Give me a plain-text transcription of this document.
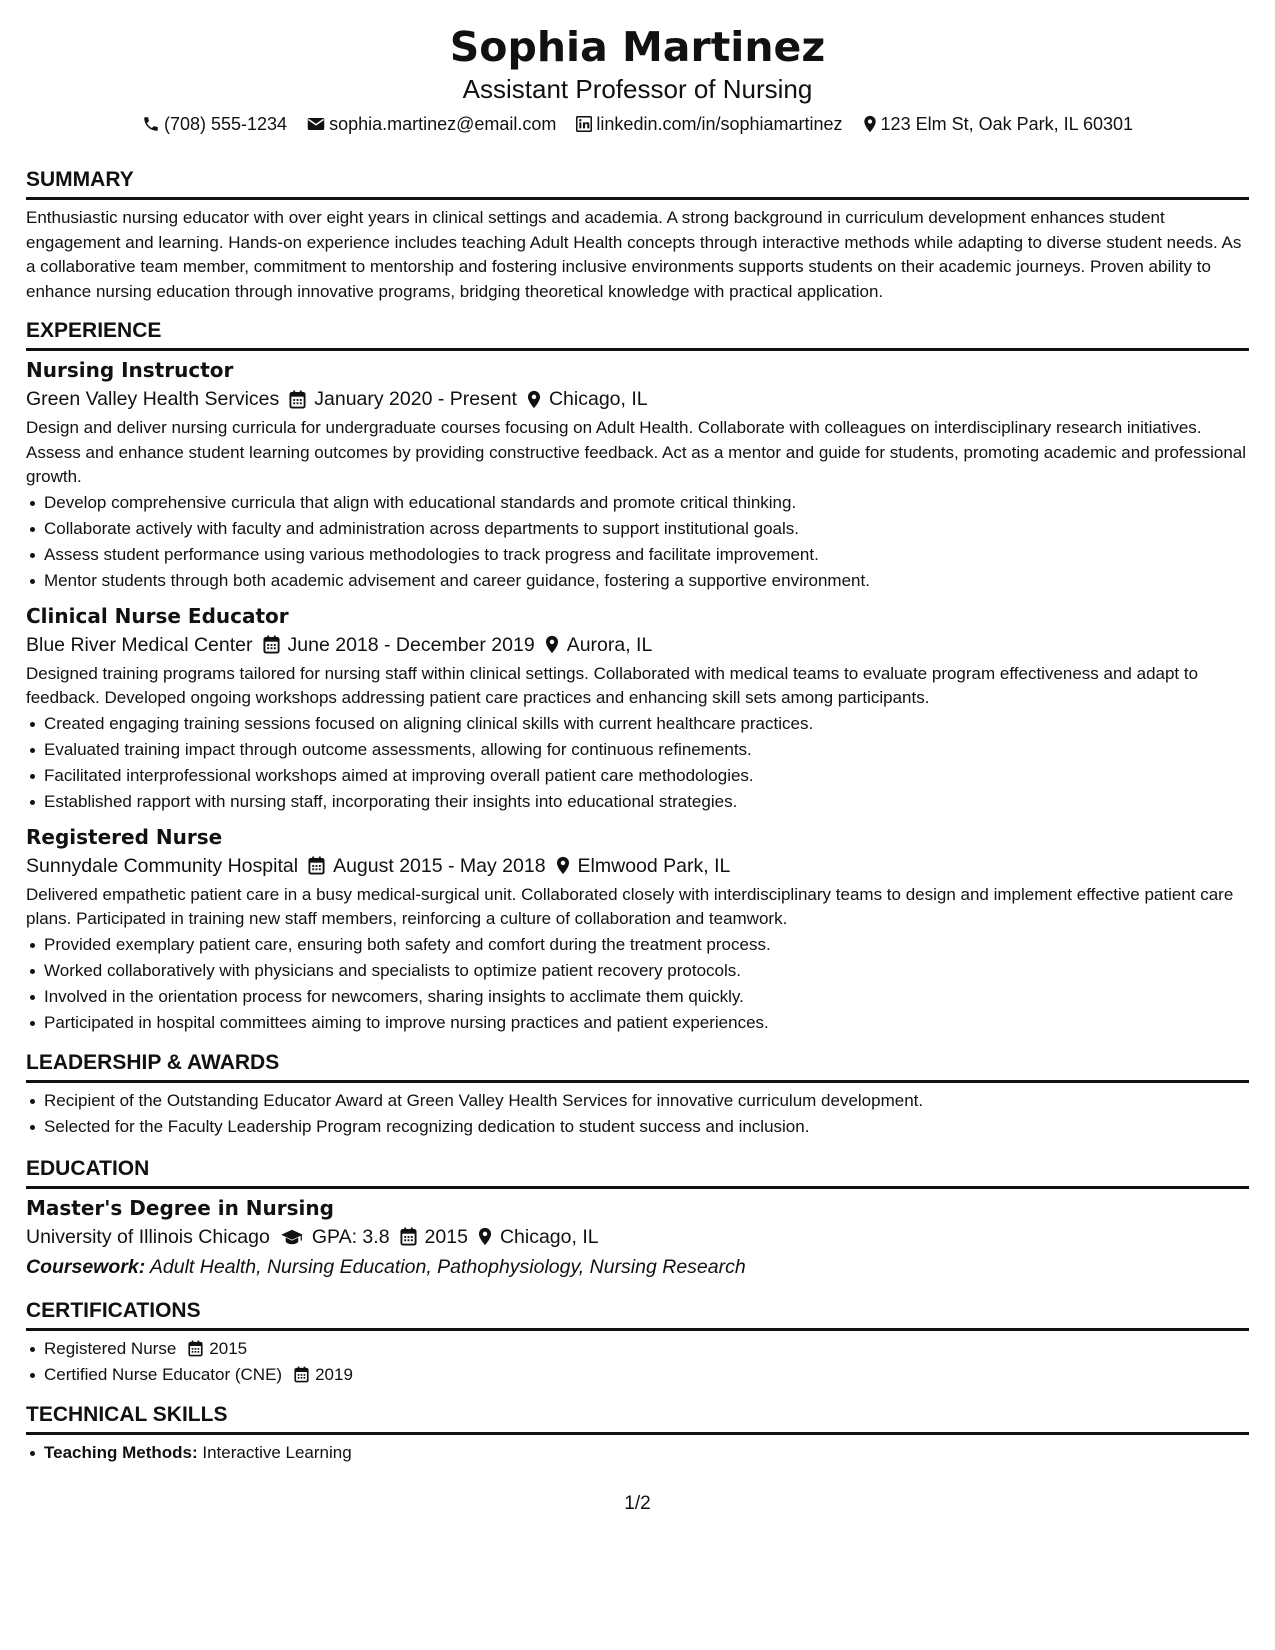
Sophia Martinez
Assistant Professor of Nursing
(708) 555-1234 sophia.martinez@email.com linkedin.com/in/sophiamartinez 123 Elm St, Oak Park, IL 60301
SUMMARY

Enthusiastic nursing educator with over eight years in clinical settings and academia. A strong background in curriculum development enhances student engagement and learning. Hands-on experience includes teaching Adult Health concepts through interactive methods while adapting to diverse student needs. As a collaborative team member, commitment to mentorship and fostering inclusive environments supports students on their academic journeys. Proven ability to enhance nursing education through innovative programs, bridging theoretical knowledge with practical application.

EXPERIENCE
Nursing Instructor
Green Valley Health Services January 2020 - Present Chicago, IL

Design and deliver nursing curricula for undergraduate courses focusing on Adult Health. Collaborate with colleagues on interdisciplinary research initiatives. Assess and enhance student learning outcomes by providing constructive feedback. Act as a mentor and guide for students, promoting academic and professional growth.

Develop comprehensive curricula that align with educational standards and promote critical thinking.
Collaborate actively with faculty and administration across departments to support institutional goals.
Assess student performance using various methodologies to track progress and facilitate improvement.
Mentor students through both academic advisement and career guidance, fostering a supportive environment.
Clinical Nurse Educator
Blue River Medical Center June 2018 - December 2019 Aurora, IL

Designed training programs tailored for nursing staff within clinical settings. Collaborated with medical teams to evaluate program effectiveness and adapt to feedback. Developed ongoing workshops addressing patient care practices and enhancing skill sets among participants.

Created engaging training sessions focused on aligning clinical skills with current healthcare practices.
Evaluated training impact through outcome assessments, allowing for continuous refinements.
Facilitated interprofessional workshops aimed at improving overall patient care methodologies.
Established rapport with nursing staff, incorporating their insights into educational strategies.
Registered Nurse
Sunnydale Community Hospital August 2015 - May 2018 Elmwood Park, IL

Delivered empathetic patient care in a busy medical-surgical unit. Collaborated closely with interdisciplinary teams to design and implement effective patient care plans. Participated in training new staff members, reinforcing a culture of collaboration and teamwork.

Provided exemplary patient care, ensuring both safety and comfort during the treatment process.
Worked collaboratively with physicians and specialists to optimize patient recovery protocols.
Involved in the orientation process for newcomers, sharing insights to acclimate them quickly.
Participated in hospital committees aiming to improve nursing practices and patient experiences.
LEADERSHIP & AWARDS
Recipient of the Outstanding Educator Award at Green Valley Health Services for innovative curriculum development.
Selected for the Faculty Leadership Program recognizing dedication to student success and inclusion.
EDUCATION
Master's Degree in Nursing
University of Illinois Chicago GPA: 3.8 2015 Chicago, IL
Coursework: Adult Health, Nursing Education, Pathophysiology, Nursing Research
CERTIFICATIONS
Registered Nurse 2015
Certified Nurse Educator (CNE) 2019
TECHNICAL SKILLS
Teaching Methods: Interactive Learning
1/2
